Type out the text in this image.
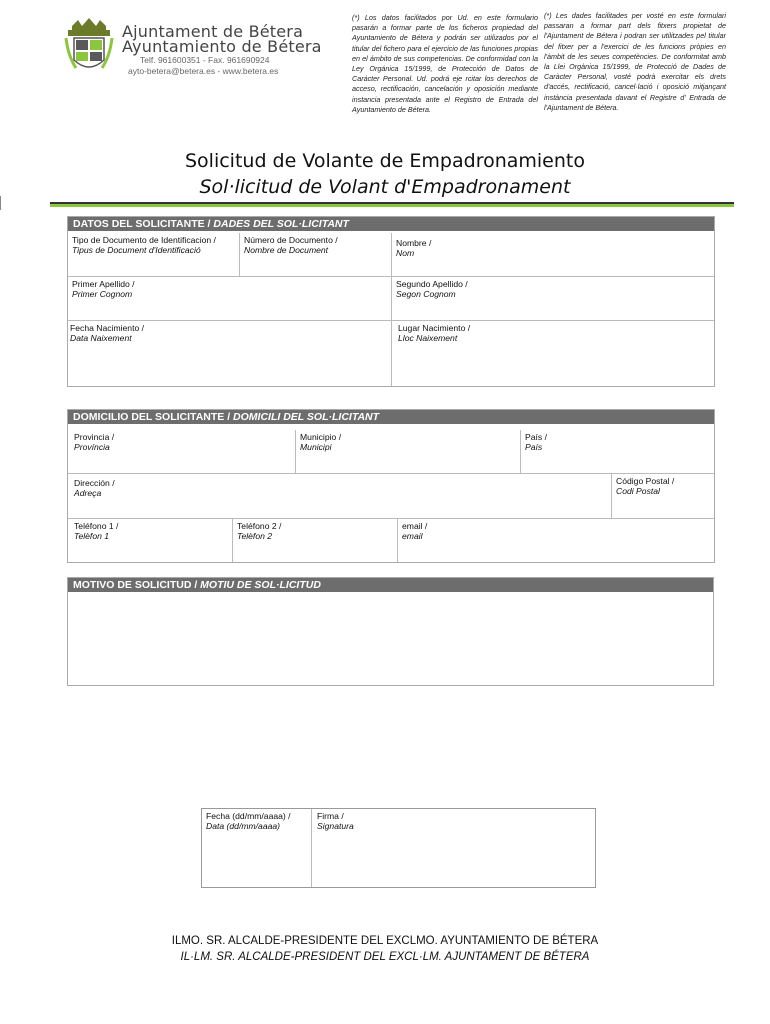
Ajuntament de Bétera
Ayuntamiento de Bétera
Telf. 961600351 - Fax. 961690924
ayto-betera@betera.es - www.betera.es
(*) Los datos facilitados por Ud. en este formulario pasarán a formar parte de los ficheros propiedad del Ayuntamiento de Bétera y podrán ser utilizados por el titular del fichero para el ejercicio de las funciones propias en el ámbito de sus competencias. De conformidad con la Ley Orgánica 15/1999, de Protección de Datos de Carácter Personal. Ud. podrá eje rcitar los derechos de acceso, rectificación, cancelación y oposición mediante instancia presentada ante el Registro de Entrada del Ayuntamiento de Bétera.
(*) Les dades facilitades per vosté en este formulari passaran a formar part dels fitxers propietat de l'Ajuntament de Bétera i podran ser utilitzades pel titular del fitxer per a l'exercici de les funcions pròpies en l'àmbit de les seues competències. De conformitat amb la Llei Orgànica 15/1999, de Protecció de Dades de Caràcter Personal, vosté podrà exercitar els drets d'accés, rectificació, cancel·lació i oposició mitjançant instància presentada davant el Registre d' Entrada de l'Ajuntament de Bétera.
Solicitud de Volante de Empadronamiento
Sol·licitud de Volant d'Empadronament
DATOS DEL SOLICITANTE / DADES DEL SOL·LICITANT
Tipo de Documento de Identificacion /
Tipus de Document d'Identificació
Número de Documento /
Nombre de Document
Nombre /
Nom
Primer Apellido /
Primer Cognom
Segundo Apellido /
Segon Cognom
Fecha Nacimiento /
Data Naixement
Lugar Nacimiento /
Lloc Naixement
DOMICILIO DEL SOLICITANTE / DOMICILI DEL SOL·LICITANT
Provincia /
Província
Municipio /
Municipi
País /
País
Dirección /
Adreça
Código Postal /
Codi Postal
Teléfono 1 /
Telèfon 1
Teléfono 2 /
Telèfon 2
email /
email
MOTIVO DE SOLICITUD / MOTIU DE SOL·LICITUD
Fecha (dd/mm/aaaa) /
Data (dd/mm/aaaa)
Firma /
Signatura
ILMO. SR. ALCALDE-PRESIDENTE DEL EXCLMO. AYUNTAMIENTO DE BÉTERA
IL·LM. SR. ALCALDE-PRESIDENT DEL EXCL·LM. AJUNTAMENT DE BÉTERA
